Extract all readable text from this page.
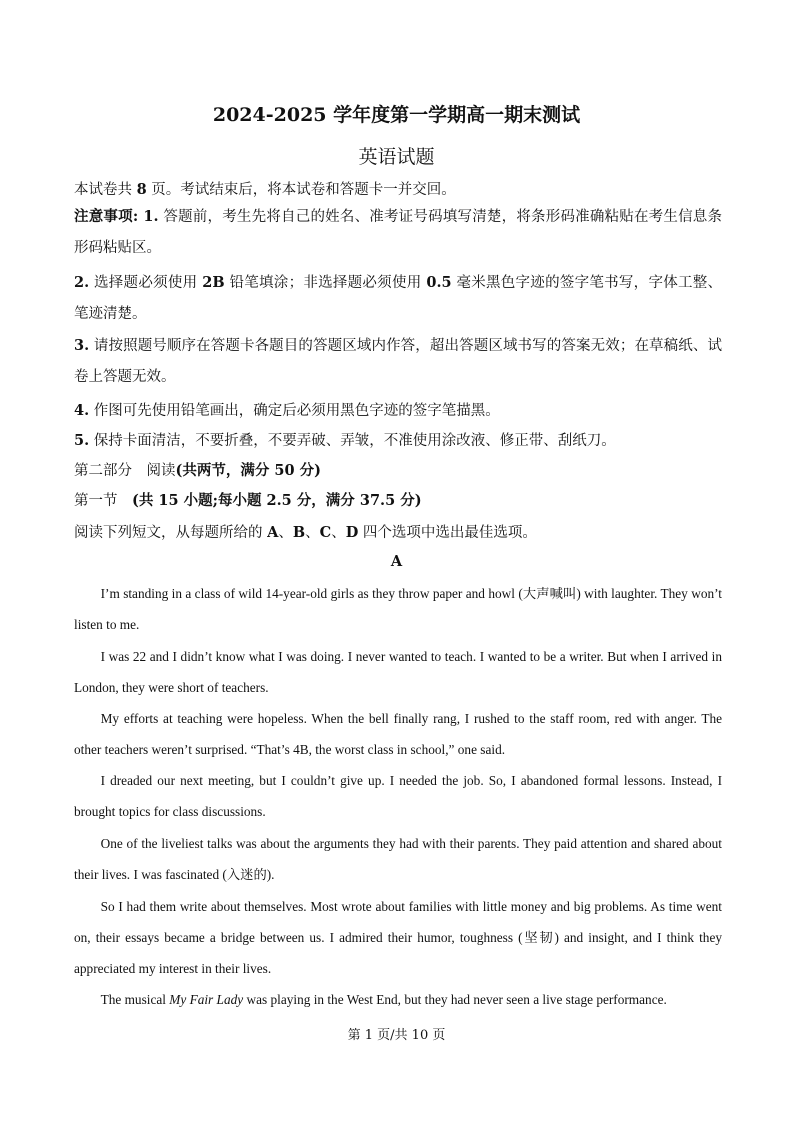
2024-2025 学年度第一学期高一期末测试
英语试题
本试卷共 8 页。考试结束后，将本试卷和答题卡一并交回。
注意事项: 1. 答题前，考生先将自己的姓名、准考证号码填写清楚，将条形码准确粘贴在考生信息条形码粘贴区。
2. 选择题必须使用 2B 铅笔填涂；非选择题必须使用 0.5 毫米黑色字迹的签字笔书写，字体工整、笔迹清楚。
3. 请按照题号顺序在答题卡各题目的答题区域内作答，超出答题区域书写的答案无效；在草稿纸、试卷上答题无效。
4. 作图可先使用铅笔画出，确定后必须用黑色字迹的签字笔描黑。
5. 保持卡面清洁，不要折叠，不要弄破、弄皱，不准使用涂改液、修正带、刮纸刀。
第二部分　阅读(共两节，满分 50 分)
第一节　(共 15 小题;每小题 2.5 分，满分 37.5 分)
阅读下列短文，从每题所给的 A、B、C、D 四个选项中选出最佳选项。
A
I’m standing in a class of wild 14-year-old girls as they throw paper and howl (大声喊叫) with laughter. They won’t listen to me.
I was 22 and I didn’t know what I was doing. I never wanted to teach. I wanted to be a writer. But when I arrived in London, they were short of teachers.
My efforts at teaching were hopeless. When the bell finally rang, I rushed to the staff room, red with anger. The other teachers weren’t surprised. “That’s 4B, the worst class in school,” one said.
I dreaded our next meeting, but I couldn’t give up. I needed the job. So, I abandoned formal lessons. Instead, I brought topics for class discussions.
One of the liveliest talks was about the arguments they had with their parents. They paid attention and shared about their lives. I was fascinated (入迷的).
So I had them write about themselves. Most wrote about families with little money and big problems. As time went on, their essays became a bridge between us. I admired their humor, toughness (坚韧) and insight, and I think they appreciated my interest in their lives.
The musical My Fair Lady was playing in the West End, but they had never seen a live stage performance.
第 1 页/共 10 页
